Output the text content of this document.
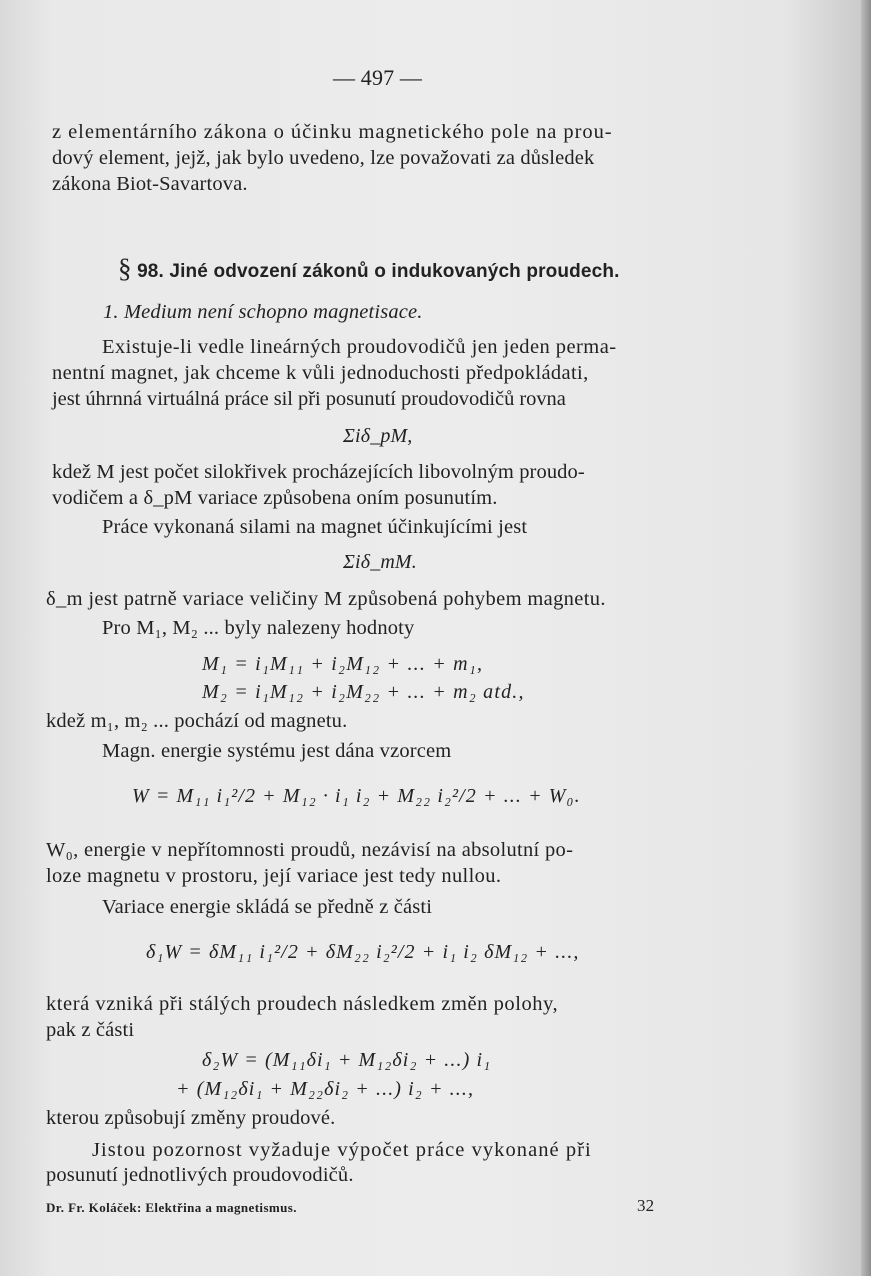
— 497 —
z elementárního zákona o účinku magnetického pole na prou-
dový element, jejž, jak bylo uvedeno, lze považovati za důsledek
zákona Biot-Savartova.
§ 98. Jiné odvození zákonů o indukovaných proudech.
1. Medium není schopno magnetisace.
Existuje-li vedle lineárných proudovodičů jen jeden perma-
nentní magnet, jak chceme k vůli jednoduchosti předpokládati,
jest úhrnná virtuálná práce sil při posunutí proudovodičů rovna
Σiδ_pM,
kdež M jest počet silokřivek procházejících libovolným proudo-
vodičem a δ_pM variace způsobena oním posunutím.
Práce vykonaná silami na magnet účinkujícími jest
Σiδ_mM.
δ_m jest patrně variace veličiny M způsobená pohybem magnetu.
Pro M₁, M₂ ... byly nalezeny hodnoty
M₁ = i₁M₁₁ + i₂M₁₂ + ... + m₁,
M₂ = i₁M₁₂ + i₂M₂₂ + ... + m₂ atd.,
kdež m₁, m₂ ... pochází od magnetu.
Magn. energie systému jest dána vzorcem
W = M₁₁ i₁²/2 + M₁₂ · i₁ i₂ + M₂₂ i₂²/2 + ... + W₀.
W₀, energie v nepřítomnosti proudů, nezávisí na absolutní po-
loze magnetu v prostoru, její variace jest tedy nullou.
Variace energie skládá se předně z části
δ₁W = δM₁₁ i₁²/2 + δM₂₂ i₂²/2 + i₁ i₂ δM₁₂ + ...,
která vzniká při stálých proudech následkem změn polohy,
pak z části
δ₂W = (M₁₁δi₁ + M₁₂δi₂ + ...) i₁
+ (M₁₂δi₁ + M₂₂δi₂ + ...) i₂ + ...,
kterou způsobují změny proudové.
Jistou pozornost vyžaduje výpočet práce vykonané při
posunutí jednotlivých proudovodičů.
Dr. Fr. Koláček: Elektřina a magnetismus.	32
